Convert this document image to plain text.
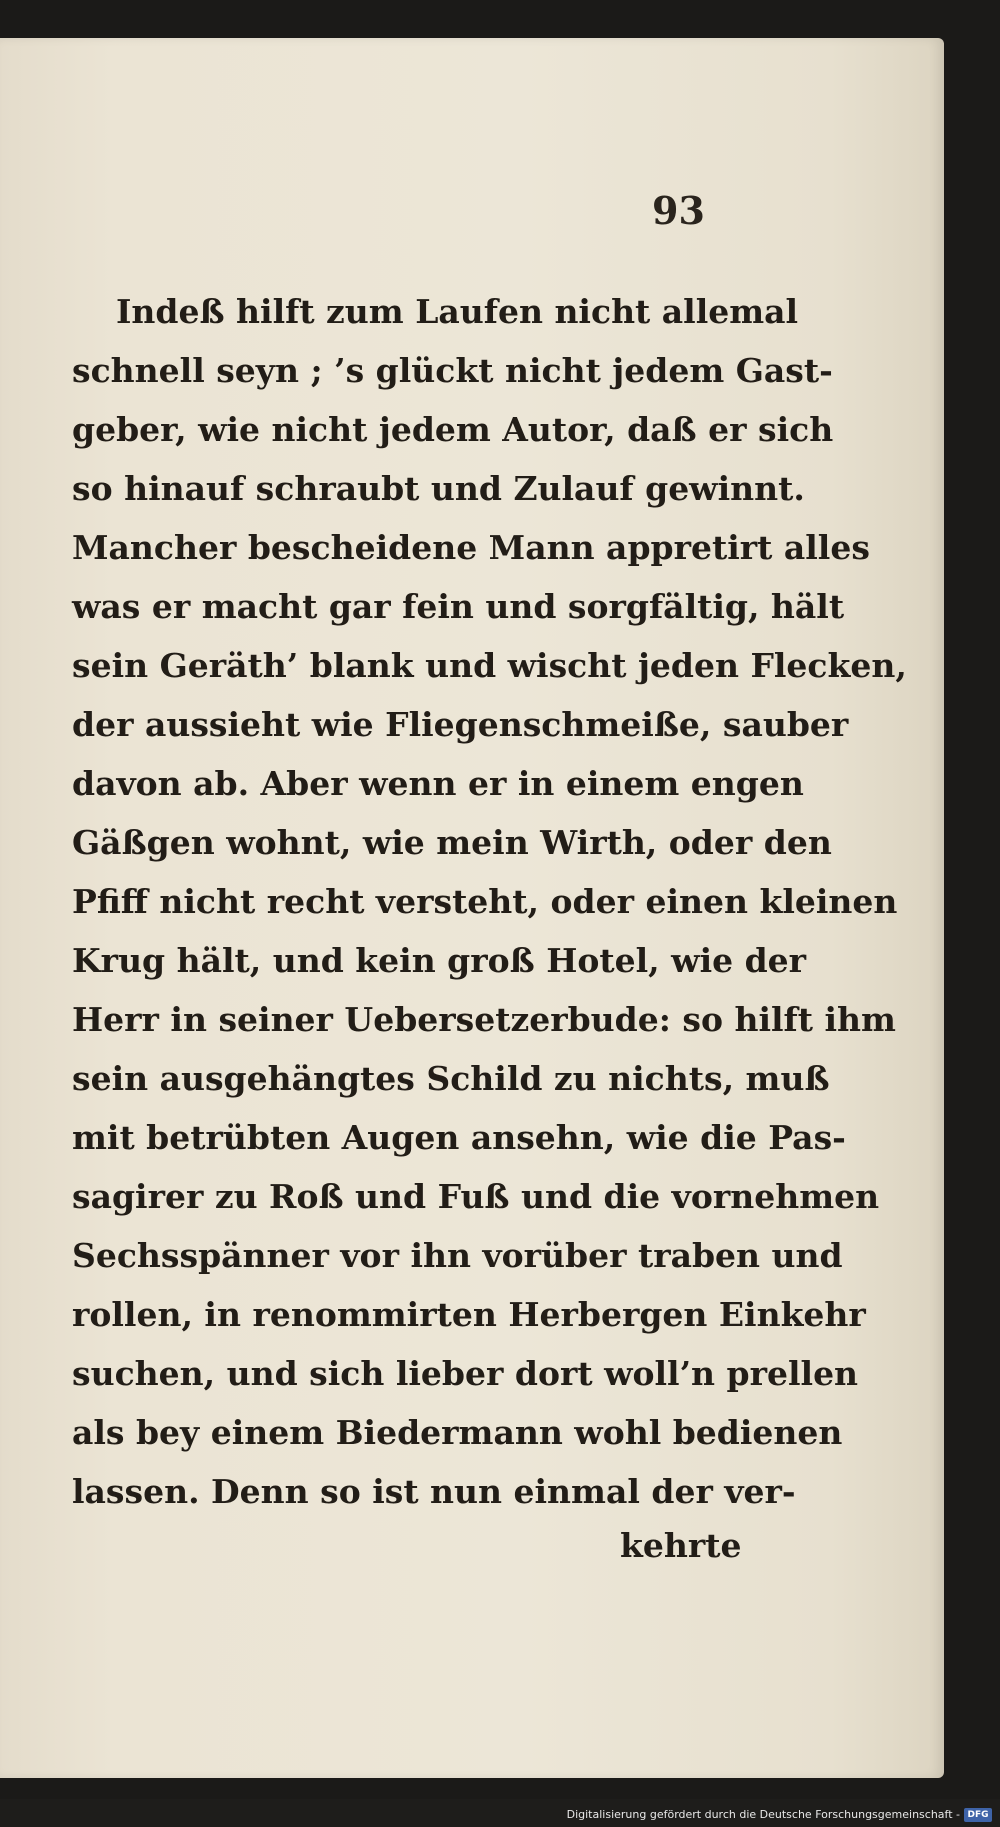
93
Indeß hilft zum Laufen nicht allemal
schnell seyn ; ’s glückt nicht jedem Gast-
geber, wie nicht jedem Autor, daß er sich
so hinauf schraubt und Zulauf gewinnt.
Mancher bescheidene Mann appretirt alles
was er macht gar fein und sorgfältig, hält
sein Geräth’ blank und wischt jeden Flecken,
der aussieht wie Fliegenschmeiße, sauber
davon ab. Aber wenn er in einem engen
Gäßgen wohnt, wie mein Wirth, oder den
Pfiff nicht recht versteht, oder einen kleinen
Krug hält, und kein groß Hotel, wie der
Herr in seiner Uebersetzerbude: so hilft ihm
sein ausgehängtes Schild zu nichts, muß
mit betrübten Augen ansehn, wie die Pas-
sagirer zu Roß und Fuß und die vornehmen
Sechsspänner vor ihn vorüber traben und
rollen, in renommirten Herbergen Einkehr
suchen, und sich lieber dort woll’n prellen
als bey einem Biedermann wohl bedienen
lassen. Denn so ist nun einmal der ver-
kehrte
Digitalisierung gefördert durch die Deutsche Forschungsgemeinschaft - DFG
